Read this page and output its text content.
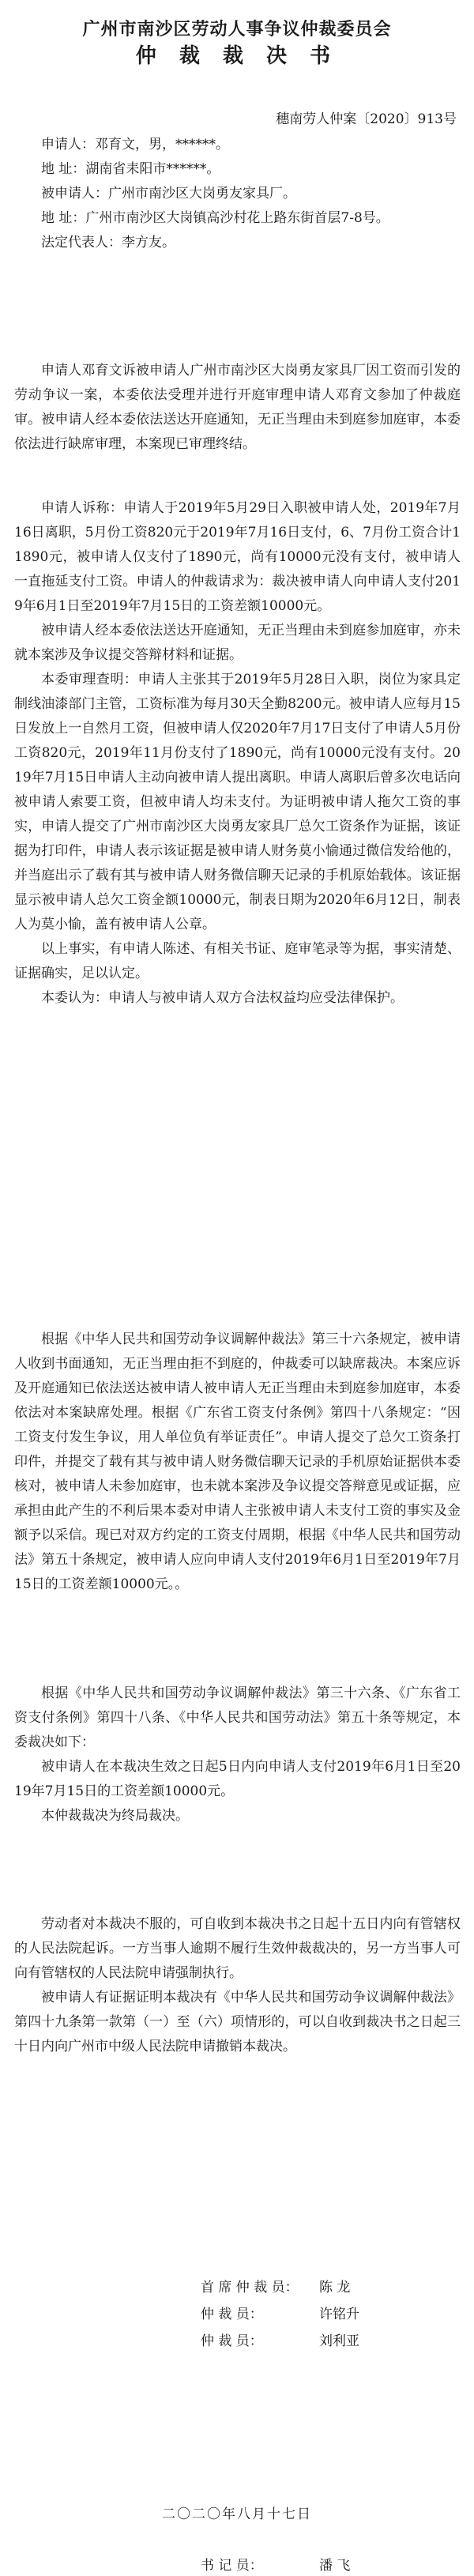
广州市南沙区劳动人事争议仲裁委员会
仲 裁 裁 决 书
穗南劳人仲案〔2020〕913号

申请人：邓育文，男，******。

地 址：湖南省耒阳市******。

被申请人：广州市南沙区大岗勇友家具厂。

地 址：广州市南沙区大岗镇高沙村花上路东街首层7-8号。

法定代表人：李方友。

申请人邓育文诉被申请人广州市南沙区大岗勇友家具厂因工资而引发的劳动争议一案，本委依法受理并进行开庭审理申请人邓育文参加了仲裁庭审。被申请人经本委依法送达开庭通知，无正当理由未到庭参加庭审，本委依法进行缺席审理，本案现已审理终结。

申请人诉称：申请人于2019年5月29日入职被申请人处，2019年7月16日离职，5月份工资820元于2019年7月16日支付，6、7月份工资合计11890元，被申请人仅支付了1890元，尚有10000元没有支付，被申请人一直拖延支付工资。申请人的仲裁请求为：裁决被申请人向申请人支付2019年6月1日至2019年7月15日的工资差额10000元。

被申请人经本委依法送达开庭通知，无正当理由未到庭参加庭审，亦未就本案涉及争议提交答辩材料和证据。

本委审理查明：申请人主张其于2019年5月28日入职，岗位为家具定制线油漆部门主管，工资标准为每月30天全勤8200元。被申请人应每月15日发放上一自然月工资，但被申请人仅2020年7月17日支付了申请人5月份工资820元，2019年11月份支付了1890元，尚有10000元没有支付。2019年7月15日申请人主动向被申请人提出离职。申请人离职后曾多次电话向被申请人索要工资，但被申请人均未支付。为证明被申请人拖欠工资的事实，申请人提交了广州市南沙区大岗勇友家具厂总欠工资条作为证据，该证据为打印件，申请人表示该证据是被申请人财务莫小愉通过微信发给他的，并当庭出示了载有其与被申请人财务微信聊天记录的手机原始载体。该证据显示被申请人总欠工资金额10000元，制表日期为2020年6月12日，制表人为莫小愉，盖有被申请人公章。

以上事实，有申请人陈述、有相关书证、庭审笔录等为据，事实清楚、证据确实，足以认定。

本委认为：申请人与被申请人双方合法权益均应受法律保护。

根据《中华人民共和国劳动争议调解仲裁法》第三十六条规定，被申请人收到书面通知，无正当理由拒不到庭的，仲裁委可以缺席裁决。本案应诉及开庭通知已依法送达被申请人被申请人无正当理由未到庭参加庭审，本委依法对本案缺席处理。根据《广东省工资支付条例》第四十八条规定：“因工资支付发生争议，用人单位负有举证责任”。申请人提交了总欠工资条打印件，并提交了载有其与被申请人财务微信聊天记录的手机原始证据供本委核对，被申请人未参加庭审，也未就本案涉及争议提交答辩意见或证据，应承担由此产生的不利后果本委对申请人主张被申请人未支付工资的事实及金额予以采信。现已对双方约定的工资支付周期，根据《中华人民共和国劳动法》第五十条规定，被申请人应向申请人支付2019年6月1日至2019年7月15日的工资差额10000元。。

根据《中华人民共和国劳动争议调解仲裁法》第三十六条、《广东省工资支付条例》第四十八条、《中华人民共和国劳动法》第五十条等规定，本委裁决如下：

被申请人在本裁决生效之日起5日内向申请人支付2019年6月1日至2019年7月15日的工资差额10000元。

本仲裁裁决为终局裁决。

劳动者对本裁决不服的，可自收到本裁决书之日起十五日内向有管辖权的人民法院起诉。一方当事人逾期不履行生效仲裁裁决的，另一方当事人可向有管辖权的人民法院申请强制执行。

被申请人有证据证明本裁决有《中华人民共和国劳动争议调解仲裁法》第四十九条第一款第（一）至（六）项情形的，可以自收到裁决书之日起三十日内向广州市中级人民法院申请撤销本裁决。

首 席 仲 裁 员： 陈 龙
仲 裁 员：	许铭升
仲 裁 员：	刘利亚
二〇二〇年八月十七日
书 记 员：	潘 飞
